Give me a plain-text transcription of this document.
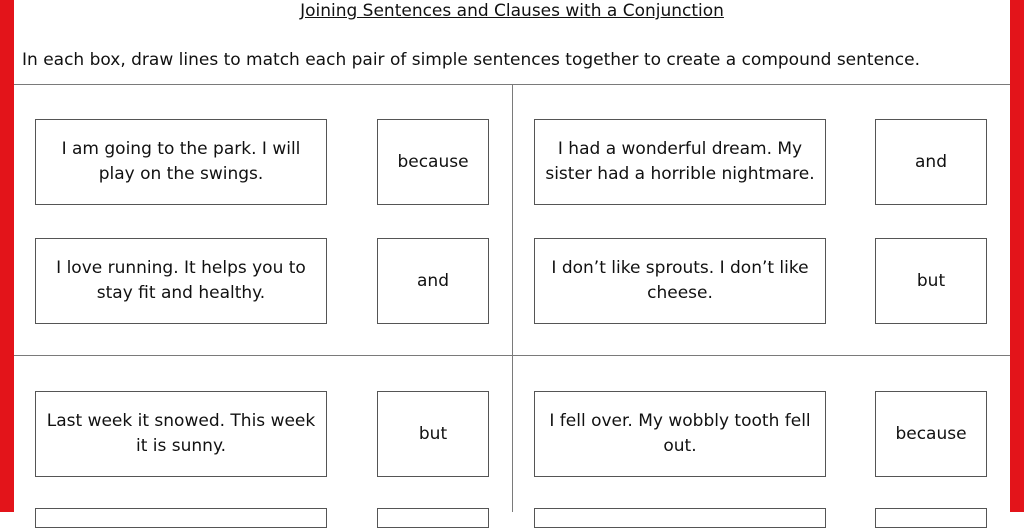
Joining Sentences and Clauses with a Conjunction
In each box, draw lines to match each pair of simple sentences together to create a compound sentence.
I am going to the park. I will play on the swings.
because
I love running. It helps you to stay fit and healthy.
and
I had a wonderful dream. My sister had a horrible nightmare.
and
I don’t like sprouts. I don’t like cheese.
but
Last week it snowed. This week it is sunny.
but
I fell over. My wobbly tooth fell out.
because
